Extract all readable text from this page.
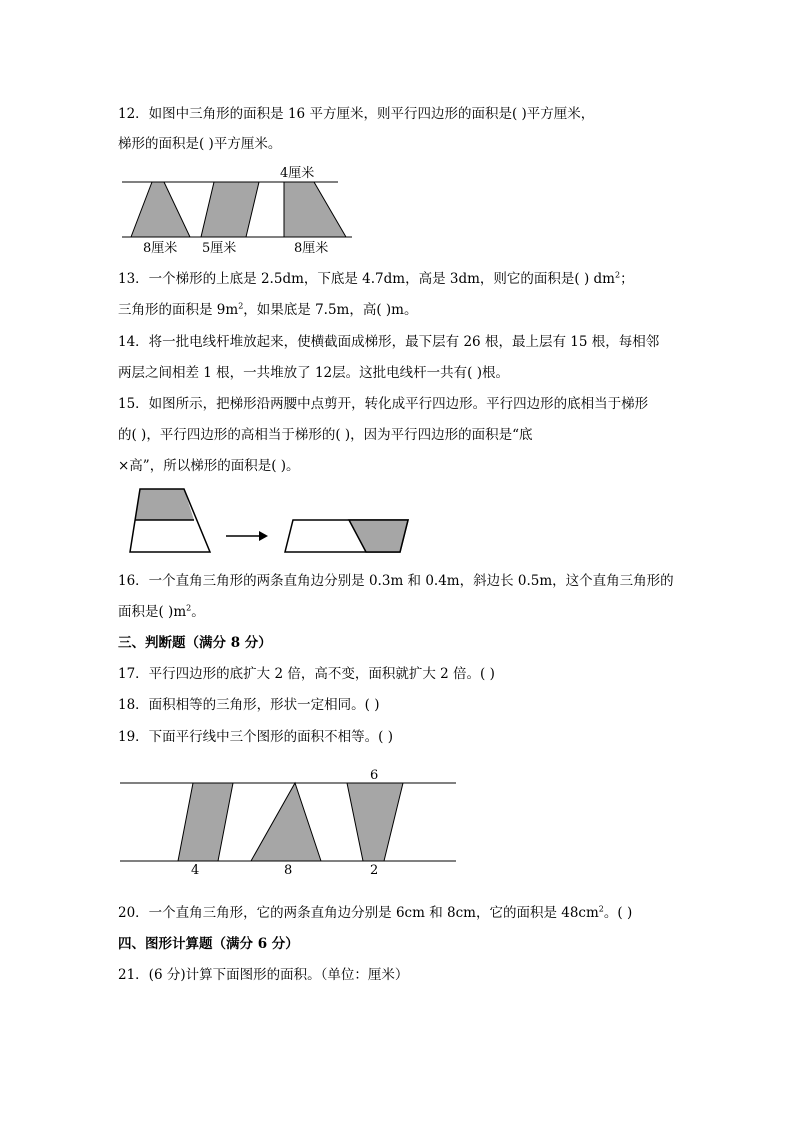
12．如图中三角形的面积是 16 平方厘米，则平行四边形的面积是( )平方厘米，
梯形的面积是( )平方厘米。
4厘米
8厘米 5厘米	8厘米
13．一个梯形的上底是 2.5dm，下底是 4.7dm，高是 3dm，则它的面积是( ) $dm^2$；
三角形的面积是 $9m^2$，如果底是 7.5m，高( )m。
14．将一批电线杆堆放起来，使横截面成梯形，最下层有 26 根，最上层有 15 根，每相邻
两层之间相差 1 根，一共堆放了 12层。这批电线杆一共有( )根。
15．如图所示，把梯形沿两腰中点剪开，转化成平行四边形。平行四边形的底相当于梯形
的( )，平行四边形的高相当于梯形的( )，因为平行四边形的面积是“底
×高”，所以梯形的面积是( )。
16．一个直角三角形的两条直角边分别是 0.3m 和 0.4m，斜边长 0.5m，这个直角三角形的
面积是( )$m^2$。
三、判断题（满分 8 分）
17．平行四边形的底扩大 2 倍，高不变，面积就扩大 2 倍。( )
18．面积相等的三角形，形状一定相同。( )
19．下面平行线中三个图形的面积不相等。( )
6
4	8	2
20．一个直角三角形，它的两条直角边分别是 6cm 和 8cm，它的面积是 $48cm^2$。( )
四、图形计算题（满分 6 分）
21．(6 分)计算下面图形的面积。（单位：厘米）
